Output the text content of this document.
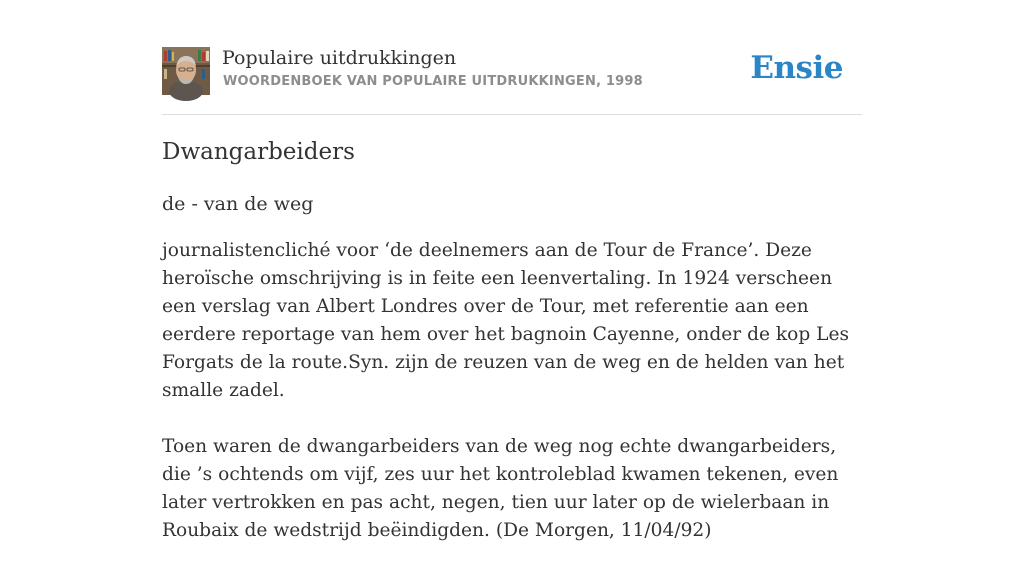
Populaire uitdrukkingen
WOORDENBOEK VAN POPULAIRE UITDRUKKINGEN, 1998	Ensie
Dwangarbeiders
de - van de weg

journalistencliché voor ‘de deelnemers aan de Tour de France’. Deze heroïsche omschrijving is in feite een leenvertaling. In 1924 verscheen een verslag van Albert Londres over de Tour, met referentie aan een eerdere reportage van hem over het bagnoin Cayenne, onder de kop Les Forgats de la route.Syn. zijn de reuzen van de weg en de helden van het smalle zadel.

Toen waren de dwangarbeiders van de weg nog echte dwangarbeiders, die ’s ochtends om vijf, zes uur het kontroleblad kwamen tekenen, even later vertrokken en pas acht, negen, tien uur later op de wielerbaan in Roubaix de wedstrijd beëindigden. (De Morgen, 11/04/92)
